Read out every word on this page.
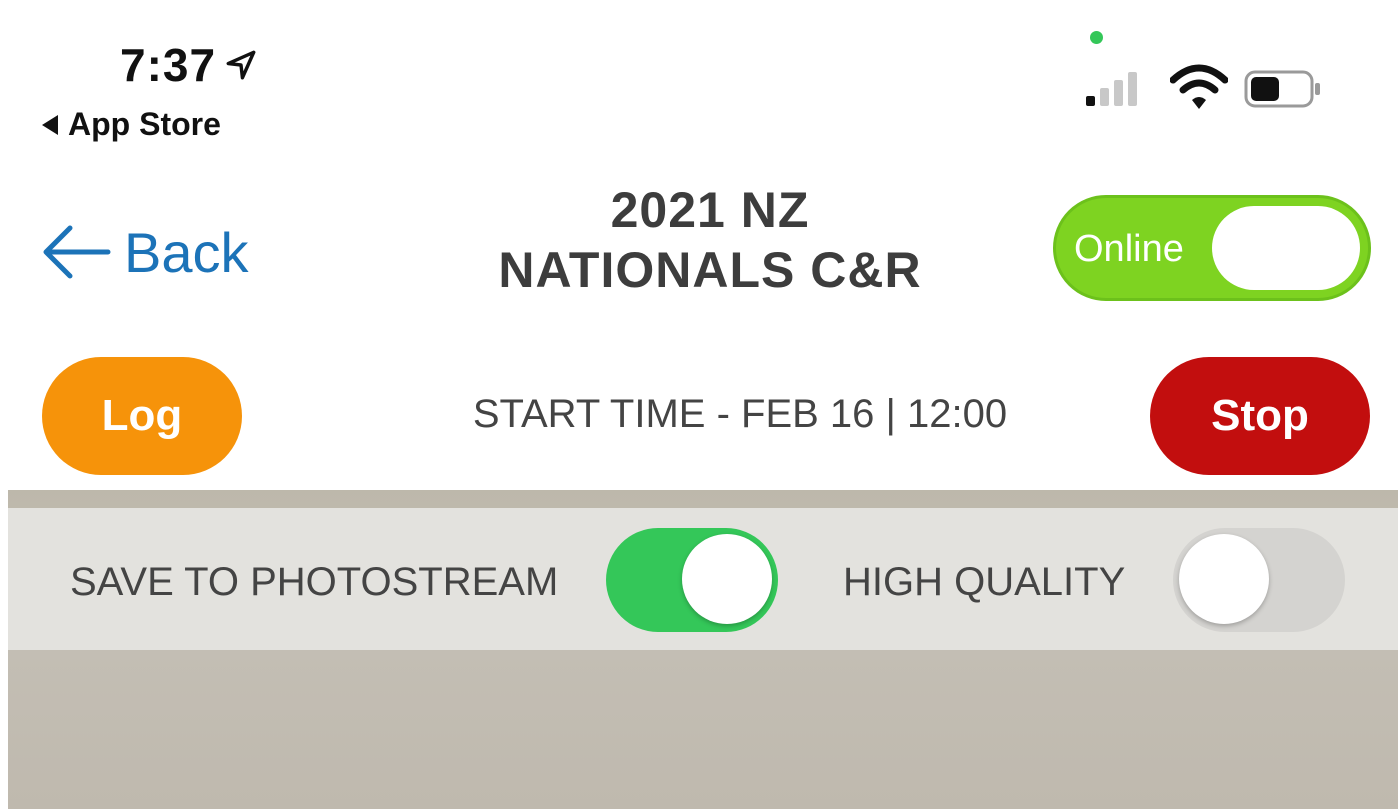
7:37
App Store
Back
2021 NZ
NATIONALS C&R	Online
Log	START TIME - FEB 16 | 12:00	Stop
SAVE TO PHOTOSTREAM	HIGH QUALITY
